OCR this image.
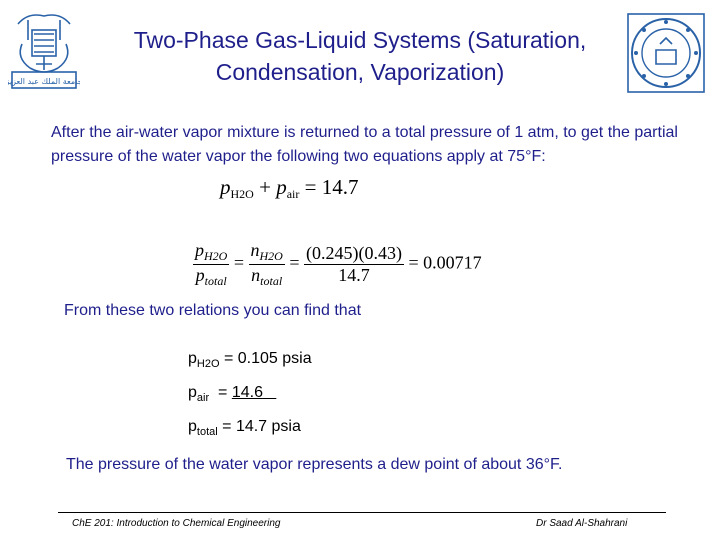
جامعة الملك عبد العزيز
Two-Phase Gas-Liquid Systems (Saturation,
Condensation, Vaporization)
After the air-water vapor mixture is returned to a total pressure of 1 atm, to get the partial pressure of the water vapor the following two equations apply at 75°F:
$p_{H2O} + p_{air} = 14.7$
$\frac{p_{H2O}}{p_{total}} = \frac{n_{H2O}}{n_{total}} = \frac{(0.245)(0.43)}{14.7} = 0.00717$
From these two relations you can find that
$p_{H2O} = 0.105$ psia
$p_{air} = 14.6$
$p_{total} = 14.7$ psia
The pressure of the water vapor represents a dew point of about 36°F.
ChE 201: Introduction to Chemical Engineering	Dr Saad Al-Shahrani
